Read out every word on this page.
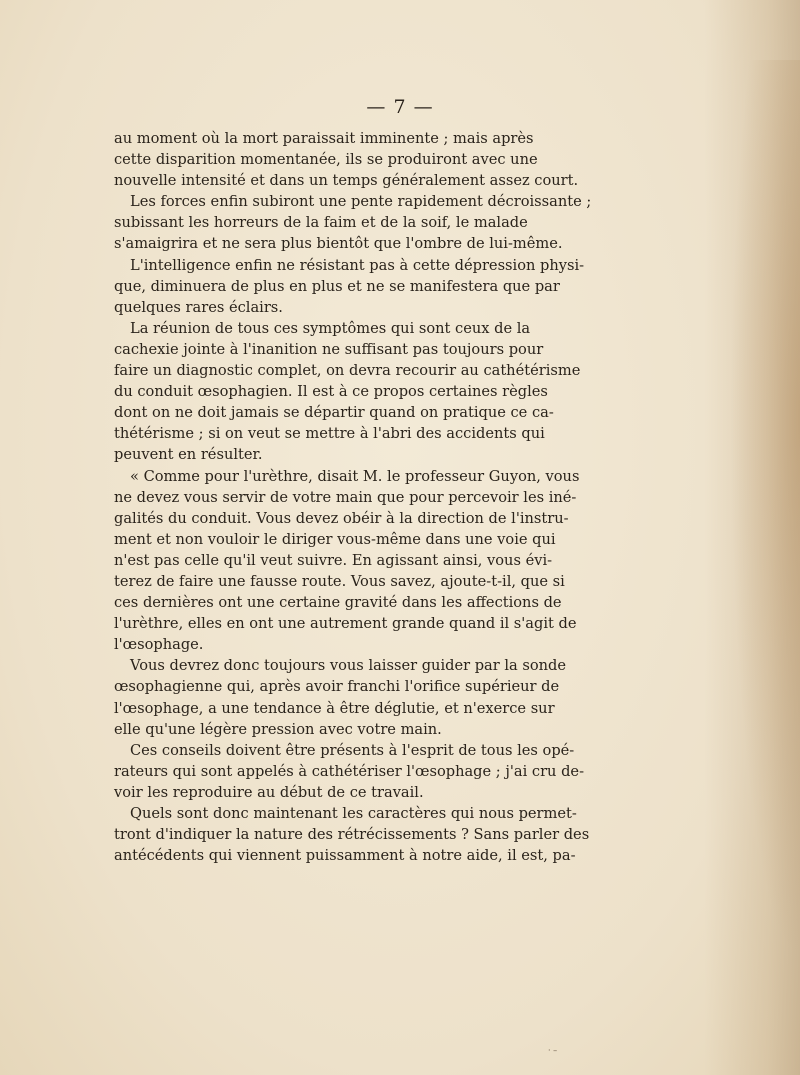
— 7 —
au moment où la mort paraissait imminente ; mais après
cette disparition momentanée, ils se produiront avec une
nouvelle intensité et dans un temps généralement assez court.
Les forces enfin subiront une pente rapidement décroissante ;
subissant les horreurs de la faim et de la soif, le malade
s'amaigrira et ne sera plus bientôt que l'ombre de lui-même.
L'intelligence enfin ne résistant pas à cette dépression physi-
que, diminuera de plus en plus et ne se manifestera que par
quelques rares éclairs.
La réunion de tous ces symptômes qui sont ceux de la
cachexie jointe à l'inanition ne suffisant pas toujours pour
faire un diagnostic complet, on devra recourir au cathétérisme
du conduit œsophagien. Il est à ce propos certaines règles
dont on ne doit jamais se départir quand on pratique ce ca-
thétérisme ; si on veut se mettre à l'abri des accidents qui
peuvent en résulter.
« Comme pour l'urèthre, disait M. le professeur Guyon, vous
ne devez vous servir de votre main que pour percevoir les iné-
galités du conduit. Vous devez obéir à la direction de l'instru-
ment et non vouloir le diriger vous-même dans une voie qui
n'est pas celle qu'il veut suivre. En agissant ainsi, vous évi-
terez de faire une fausse route. Vous savez, ajoute-t-il, que si
ces dernières ont une certaine gravité dans les affections de
l'urèthre, elles en ont une autrement grande quand il s'agit de
l'œsophage.
Vous devrez donc toujours vous laisser guider par la sonde
œsophagienne qui, après avoir franchi l'orifice supérieur de
l'œsophage, a une tendance à être déglutie, et n'exerce sur
elle qu'une légère pression avec votre main.
Ces conseils doivent être présents à l'esprit de tous les opé-
rateurs qui sont appelés à cathétériser l'œsophage ; j'ai cru de-
voir les reproduire au début de ce travail.
Quels sont donc maintenant les caractères qui nous permet-
tront d'indiquer la nature des rétrécissements ? Sans parler des
antécédents qui viennent puissamment à notre aide, il est, pa-
· –
